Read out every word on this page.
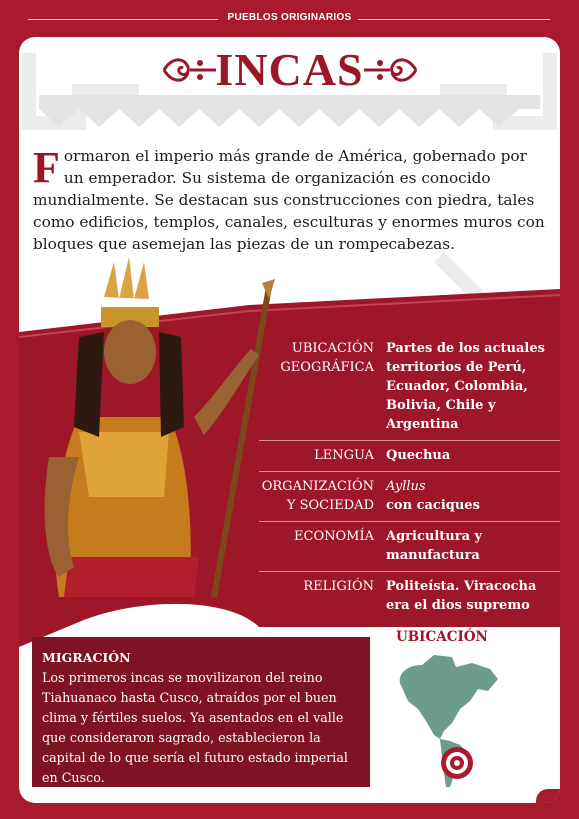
PUEBLOS ORIGINARIOS
INCAS
F ormaron el imperio más grande de América, gobernado por un emperador. Su sistema de organización es conocido mundialmente. Se destacan sus construcciones con piedra, tales como edificios, templos, canales, esculturas y enormes muros con bloques que asemejan las piezas de un rompecabezas.
UBICACIÓN GEOGRÁFICA
Partes de los actuales territorios de Perú, Ecuador, Colombia, Bolivia, Chile y Argentina
LENGUA Quechua
ORGANIZACIÓN Y SOCIEDAD
Ayllus
con caciques
ECONOMÍA Agricultura y manufactura
RELIGIÓN Politeísta. Viracocha era el dios supremo
MIGRACIÓN
Los primeros incas se movilizaron del reino Tiahuanaco hasta Cusco, atraídos por el buen clima y fértiles suelos. Ya asentados en el valle que consideraron sagrado, establecieron la capital de lo que sería el futuro estado imperial en Cusco.
UBICACIÓN
